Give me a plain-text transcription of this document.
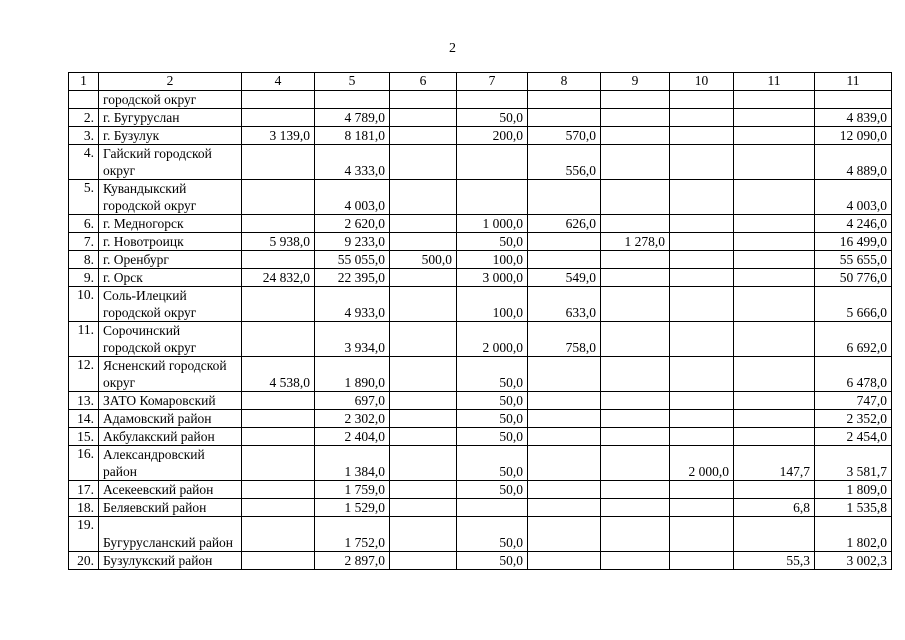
2
1	2	4	5	6	7	8	9	10	11	11
	городской округ									
2.	г. Бугуруслан		4 789,0		50,0					4 839,0
3.	г. Бузулук	3 139,0	8 181,0		200,0	570,0				12 090,0
4.	Гайский городской округ		4 333,0			556,0				4 889,0
5.	Кувандыкский городской округ		4 003,0							4 003,0
6.	г. Медногорск		2 620,0		1 000,0	626,0				4 246,0
7.	г. Новотроицк	5 938,0	9 233,0		50,0		1 278,0			16 499,0
8.	г. Оренбург		55 055,0	500,0	100,0					55 655,0
9.	г. Орск	24 832,0	22 395,0		3 000,0	549,0				50 776,0
10.	Соль-Илецкий городской округ		4 933,0		100,0	633,0				5 666,0
11.	Сорочинский городской округ		3 934,0		2 000,0	758,0				6 692,0
12.	Ясненский городской округ	4 538,0	1 890,0		50,0					6 478,0
13.	ЗАТО Комаровский		697,0		50,0					747,0
14.	Адамовский район		2 302,0		50,0					2 352,0
15.	Акбулакский район		2 404,0		50,0					2 454,0
16.	Александровский район		1 384,0		50,0			2 000,0	147,7	3 581,7
17.	Асекеевский район		1 759,0		50,0					1 809,0
18.	Беляевский район		1 529,0						6,8	1 535,8
19.	Бугурусланский район		1 752,0		50,0					1 802,0
20.	Бузулукский район		2 897,0		50,0				55,3	3 002,3
